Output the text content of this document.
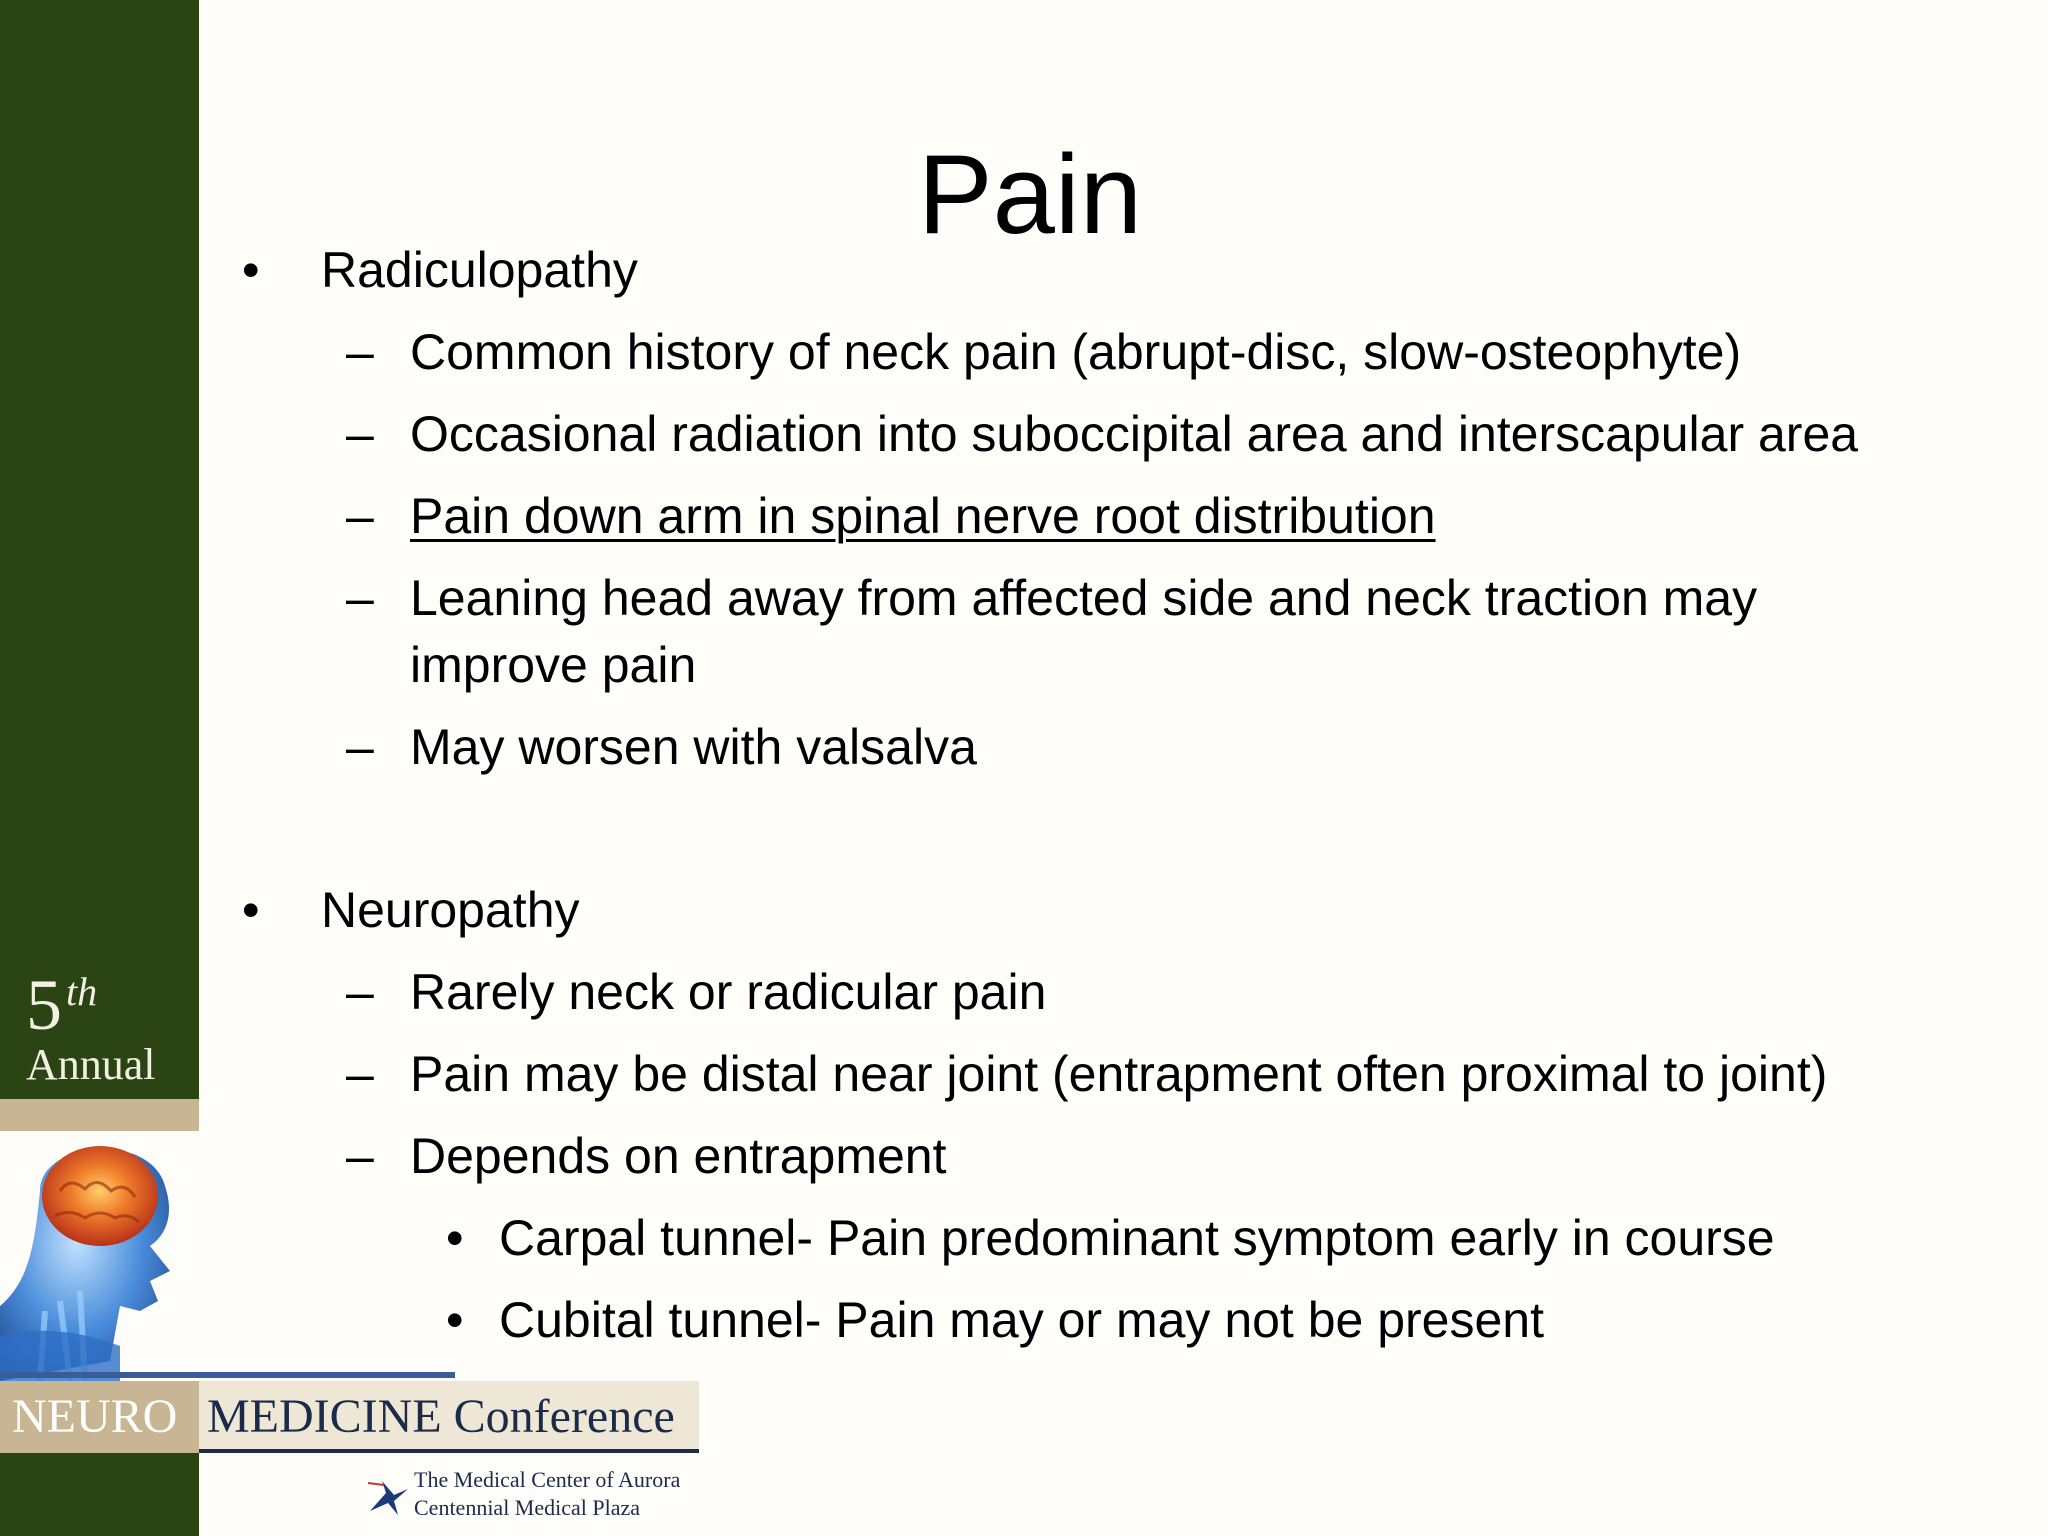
5 th
Annual
NEURO MEDICINE Conference
The Medical Center of Aurora
Centennial Medical Plaza
Pain
• Radiculopathy
– Common history of neck pain (abrupt-disc, slow-osteophyte)
– Occasional radiation into suboccipital area and interscapular area
– Pain down arm in spinal nerve root distribution
– Leaning head away from affected side and neck traction may
improve pain
– May worsen with valsalva
• Neuropathy
– Rarely neck or radicular pain
– Pain may be distal near joint (entrapment often proximal to joint)
– Depends on entrapment
• Carpal tunnel- Pain predominant symptom early in course
• Cubital tunnel- Pain may or may not be present
